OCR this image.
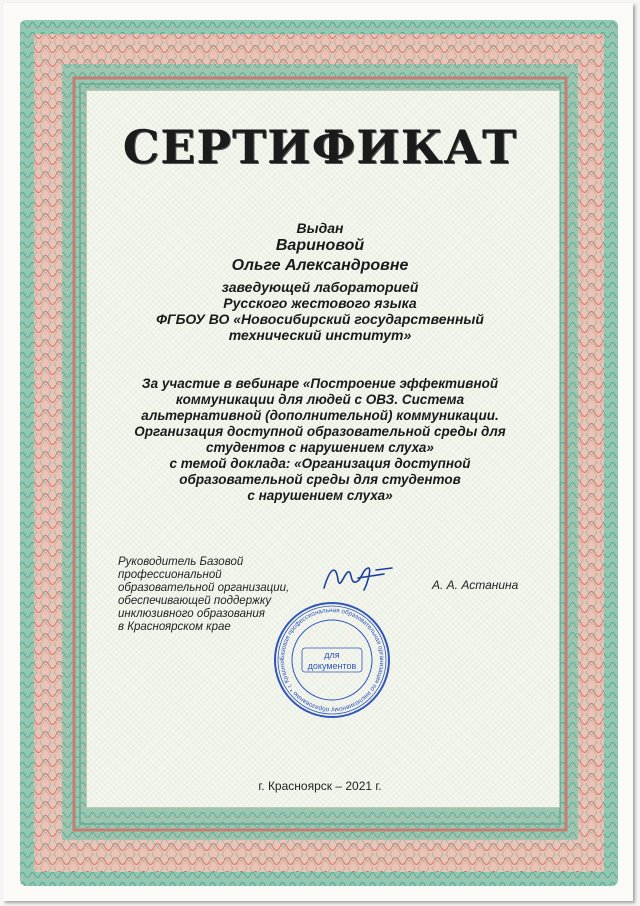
СЕРТИФИКАТ
Выдан
Вариновой
Ольге Александровне
заведующей лабораторией
Русского жестового языка
ФГБОУ ВО «Новосибирский государственный
технический институт»
За участие в вебинаре «Построение эффективной
коммуникации для людей с ОВЗ. Система
альтернативной (дополнительной) коммуникации.
Организация доступной образовательной среды для
студентов с нарушением слуха»
с темой доклада: «Организация доступной
образовательной среды для студентов
с нарушением слуха»
Руководитель Базовой
профессиональной
образовательной организации,
обеспечивающей поддержку
инклюзивного образования
в Красноярском крае
А. А. Астанина
Базовая профессиональная образовательная организация по инклюзивному образованию * г. Красноя
для
документов
г. Красноярск – 2021 г.
